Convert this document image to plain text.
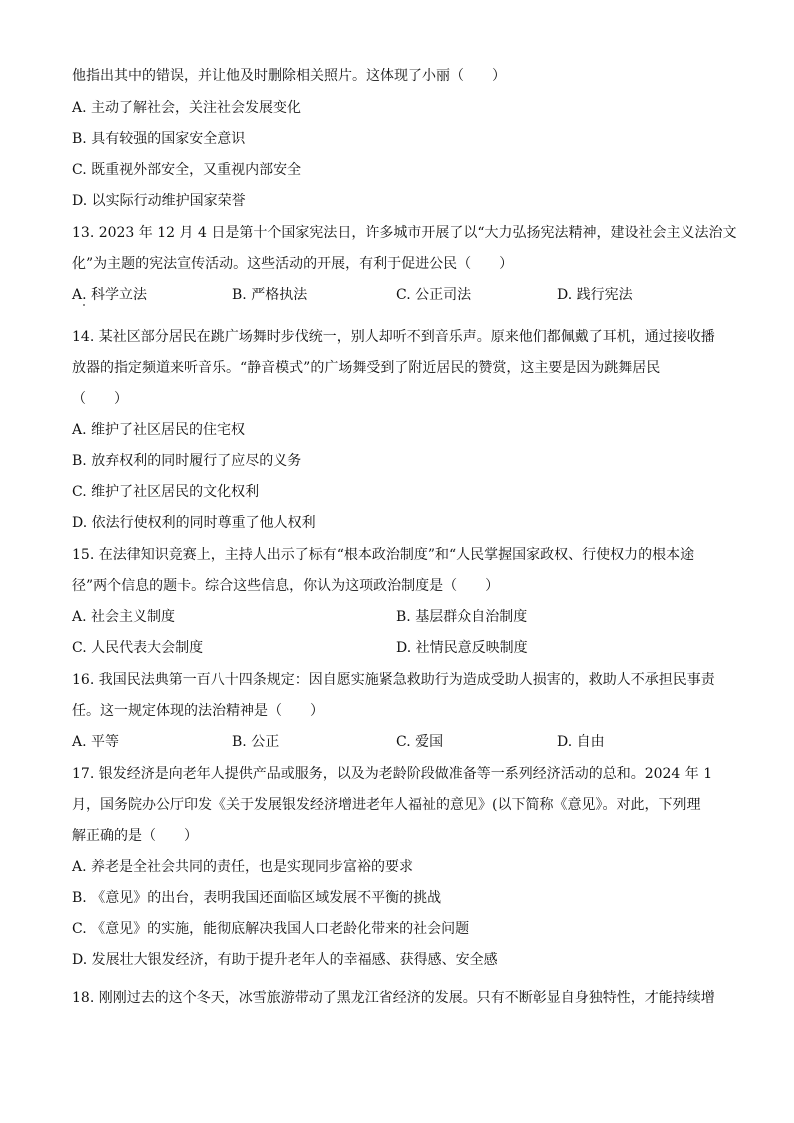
他指出其中的错误，并让他及时删除相关照片。这体现了小丽（　　）
A. 主动了解社会，关注社会发展变化
B. 具有较强的国家安全意识
C. 既重视外部安全，又重视内部安全
D. 以实际行动维护国家荣誉
13. 2023 年 12 月 4 日是第十个国家宪法日，许多城市开展了以“大力弘扬宪法精神，建设社会主义法治文
化”为主题的宪法宣传活动。这些活动的开展，有利于促进公民（　　）
A. 科学立法	B. 严格执法	C. 公正司法	D. 践行宪法
14. 某社区部分居民在跳广场舞时步伐统一，别人却听不到音乐声。原来他们都佩戴了耳机，通过接收播
放器的指定频道来听音乐。“静音模式”的广场舞受到了附近居民的赞赏，这主要是因为跳舞居民
（　　）
A. 维护了社区居民的住宅权
B. 放弃权利的同时履行了应尽的义务
C. 维护了社区居民的文化权利
D. 依法行使权利的同时尊重了他人权利
15. 在法律知识竞赛上，主持人出示了标有“根本政治制度”和“人民掌握国家政权、行使权力的根本途
径”两个信息的题卡。综合这些信息，你认为这项政治制度是（　　）
A. 社会主义制度	B. 基层群众自治制度
C. 人民代表大会制度	D. 社情民意反映制度
16. 我国民法典第一百八十四条规定：因自愿实施紧急救助行为造成受助人损害的，救助人不承担民事责
任。这一规定体现的法治精神是（　　）
A. 平等	B. 公正	C. 爱国	D. 自由
17. 银发经济是向老年人提供产品或服务，以及为老龄阶段做准备等一系列经济活动的总和。2024 年 1
月，国务院办公厅印发《关于发展银发经济增进老年人福祉的意见》(以下简称《意见》。对此，下列理
解正确的是（　　）
A. 养老是全社会共同的责任，也是实现同步富裕的要求
B. 《意见》的出台，表明我国还面临区域发展不平衡的挑战
C. 《意见》的实施，能彻底解决我国人口老龄化带来的社会问题
D. 发展壮大银发经济，有助于提升老年人的幸福感、获得感、安全感
18. 刚刚过去的这个冬天，冰雪旅游带动了黑龙江省经济的发展。只有不断彰显自身独特性，才能持续增
